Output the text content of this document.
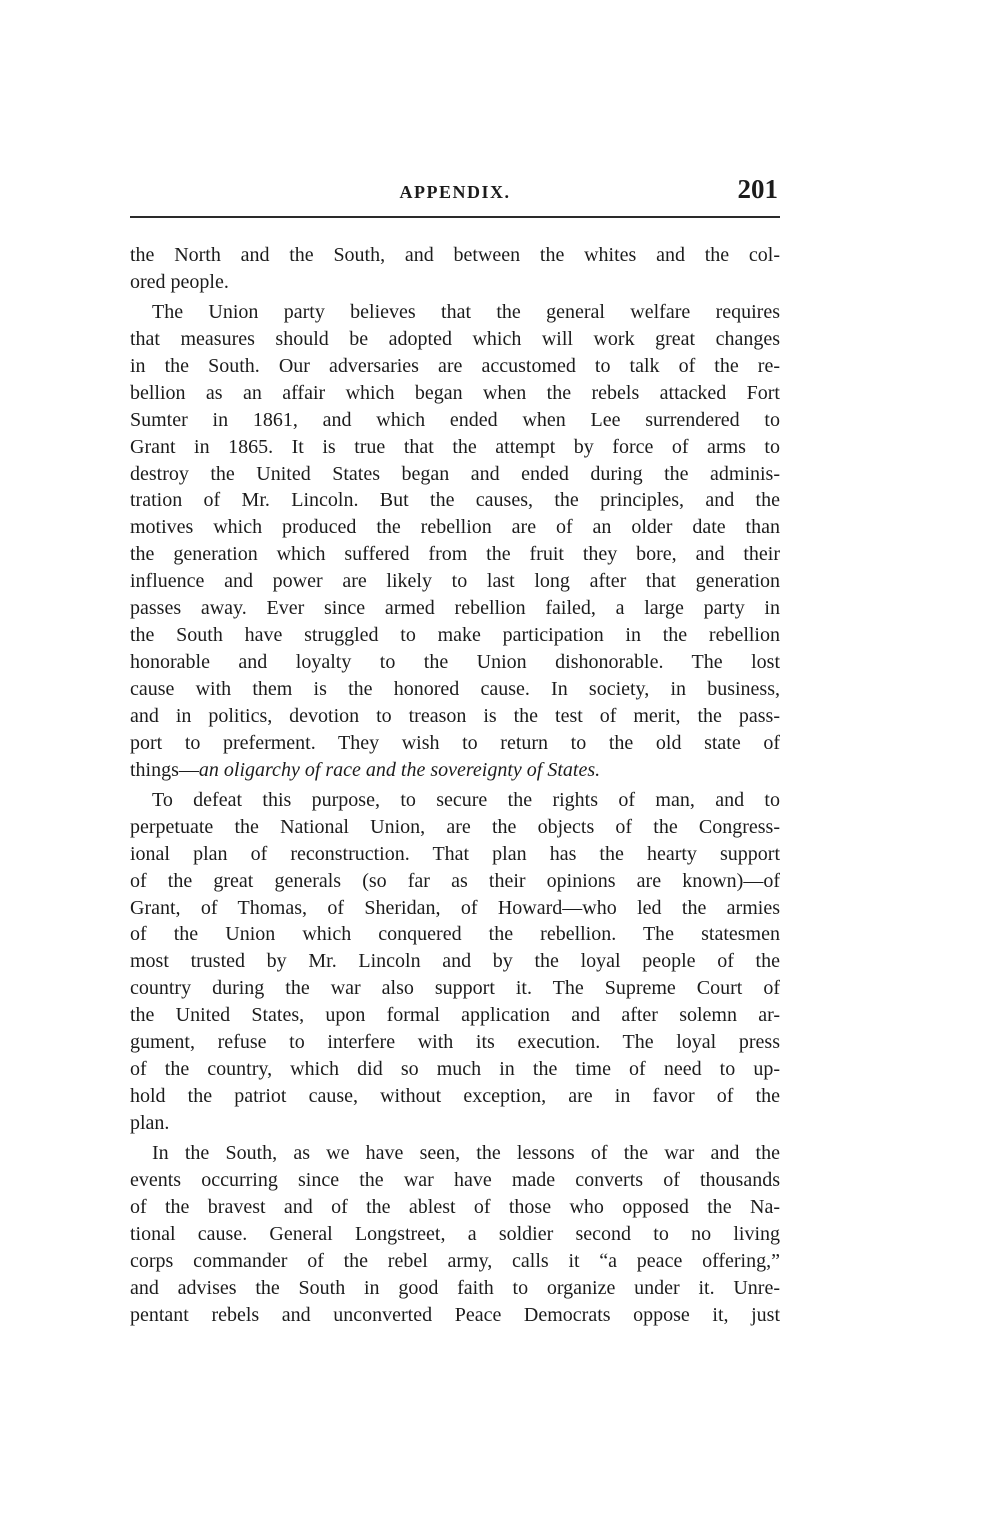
APPENDIX.	201
the North and the South, and between the whites and the col-
ored people.
The Union party believes that the general welfare requires
that measures should be adopted which will work great changes
in the South. Our adversaries are accustomed to talk of the re-
bellion as an affair which began when the rebels attacked Fort
Sumter in 1861, and which ended when Lee surrendered to
Grant in 1865. It is true that the attempt by force of arms to
destroy the United States began and ended during the adminis-
tration of Mr. Lincoln. But the causes, the principles, and the
motives which produced the rebellion are of an older date than
the generation which suffered from the fruit they bore, and their
influence and power are likely to last long after that generation
passes away. Ever since armed rebellion failed, a large party in
the South have struggled to make participation in the rebellion
honorable and loyalty to the Union dishonorable. The lost
cause with them is the honored cause. In society, in business,
and in politics, devotion to treason is the test of merit, the pass-
port to preferment. They wish to return to the old state of
things—an oligarchy of race and the sovereignty of States.
To defeat this purpose, to secure the rights of man, and to
perpetuate the National Union, are the objects of the Congress-
ional plan of reconstruction. That plan has the hearty support
of the great generals (so far as their opinions are known)—of
Grant, of Thomas, of Sheridan, of Howard—who led the armies
of the Union which conquered the rebellion. The statesmen
most trusted by Mr. Lincoln and by the loyal people of the
country during the war also support it. The Supreme Court of
the United States, upon formal application and after solemn ar-
gument, refuse to interfere with its execution. The loyal press
of the country, which did so much in the time of need to up-
hold the patriot cause, without exception, are in favor of the
plan.
In the South, as we have seen, the lessons of the war and the
events occurring since the war have made converts of thousands
of the bravest and of the ablest of those who opposed the Na-
tional cause. General Longstreet, a soldier second to no living
corps commander of the rebel army, calls it “a peace offering,”
and advises the South in good faith to organize under it. Unre-
pentant rebels and unconverted Peace Democrats oppose it, just
